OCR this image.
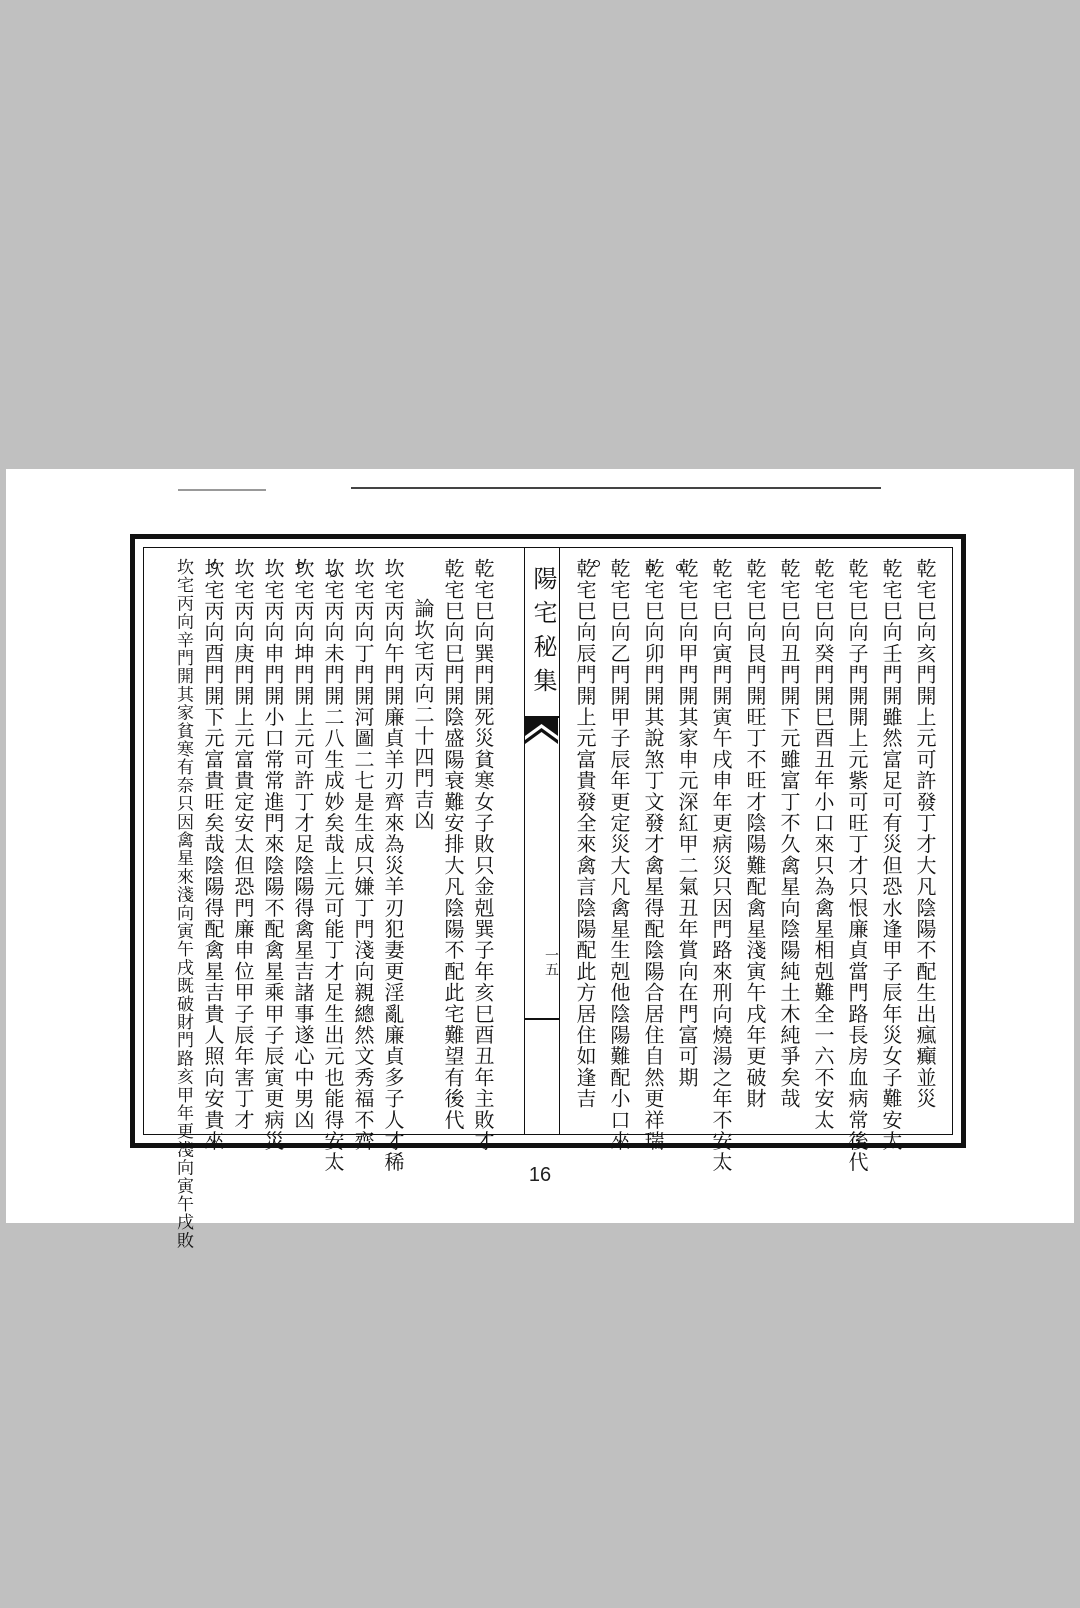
乾宅巳向亥門開上元可許發丁才大凡陰陽不配生出瘋癲並災
乾宅巳向壬門開雖然富足可有災但恐水逢甲子辰年災女子難安太
乾宅巳向子門開開上元紫可旺丁才只恨廉貞當門路長房血病常後代
乾宅巳向癸門開巳酉丑年小口來只為禽星相剋難全一六不安太
乾宅巳向丑門開下元雖富丁不久禽星向陰陽純土木純爭矣哉
乾宅巳向艮門開旺丁不旺才陰陽難配禽星淺寅午戌年更破財
乾宅巳向寅門開寅午戌申年更病災只因門路來刑向燒湯之年不安太
乾宅巳向甲門開其家申元深紅甲二氣丑年賞向在門富可期
乾宅巳向卯門開其說煞丁文發才禽星得配陰陽合居住自然更祥瑞
乾宅巳向乙門開甲子辰年更定災大凡禽星生剋他陰陽難配小口來
乾宅巳向辰門開上元富貴發全來禽言陰陽配此方居住如逢吉
陽宅秘集
一五
乾宅巳向巽門開死災貧寒女子敗只金剋巽子年亥巳酉丑年主敗才
乾宅巳向巳門開陰盛陽衰難安排大凡陰陽不配此宅難望有後代
論坎宅丙向二十四門吉凶
坎宅丙向午門開廉貞羊刃齊來為災羊刃犯妻更淫亂廉貞多子人才稀
坎宅丙向丁門開河圖二七是生成只嫌丁門淺向親總然文秀福不齊
坎宅丙向未門開二八生成妙矣哉上元可能丁才足生出元也能得安太
坎宅丙向坤門開上元可許丁才足陰陽得禽星吉諸事遂心中男凶
坎宅丙向申門開小口常常進門來陰陽不配禽星乘甲子辰寅更病災
坎宅丙向庚門開上元富貴定安太但恐門廉申位甲子辰年害丁才
坎宅丙向酉門開下元富貴旺矣哉陰陽得配禽星吉貴人照向安貴來
坎宅丙向辛門開其家貧寒有奈只因禽星來淺向寅午戌既破財門路亥甲年更淺向寅午戌敗	16
